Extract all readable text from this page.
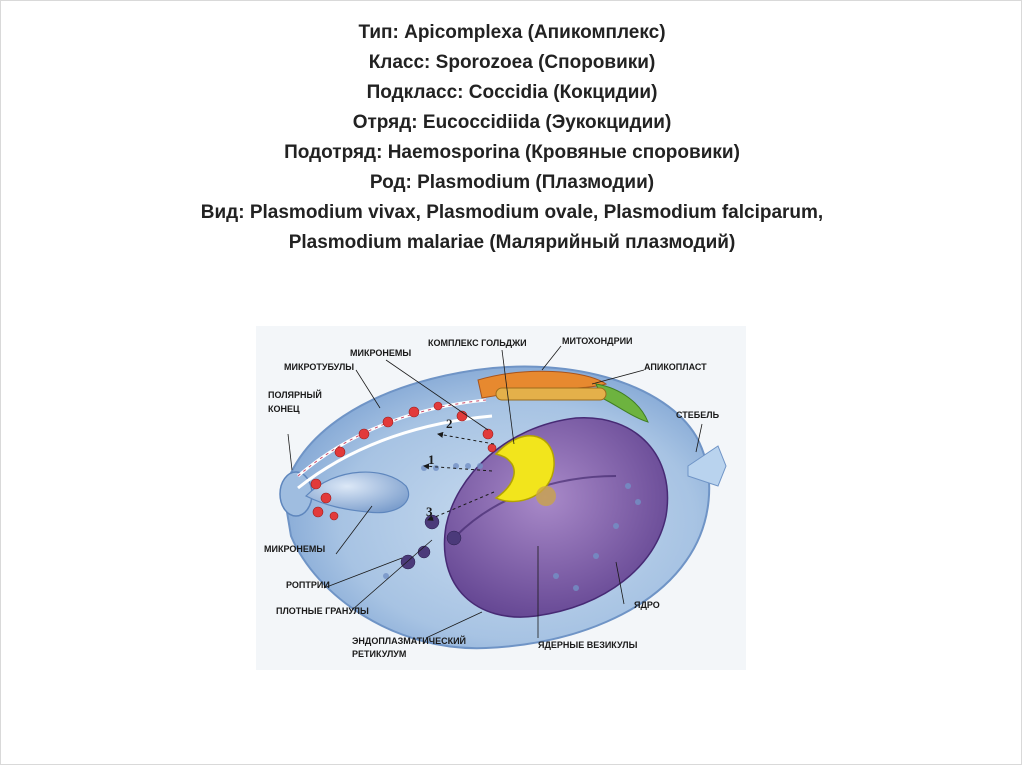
Тип: Apicomplexa (Апикомплекс)
Класс: Sporozoea (Споровики)
Подкласс: Coccidia (Кокцидии)
Отряд: Eucoccidiida (Эукокцидии)
Подотряд: Haemosporina (Кровяные споровики)
Род: Plasmodium (Плазмодии)
Вид: Plasmodium vivax, Plasmodium ovale, Plasmodium falciparum,
Plasmodium malariae (Малярийный плазмодий)
1
2
3
МИКРОНЕМЫ
КОМПЛЕКС ГОЛЬДЖИ	МИТОХОНДРИИ
МИКРОТУБУЛЫ	АПИКОПЛАСТ
ПОЛЯРНЫЙ
КОНЕЦ
СТЕБЕЛЬ
МИКРОНЕМЫ
РОПТРИИ
ПЛОТНЫЕ ГРАНУЛЫ
ЭНДОПЛАЗМАТИЧЕСКИЙ
РЕТИКУЛУМ
ЯДЕРНЫЕ ВЕЗИКУЛЫ
ЯДРО
